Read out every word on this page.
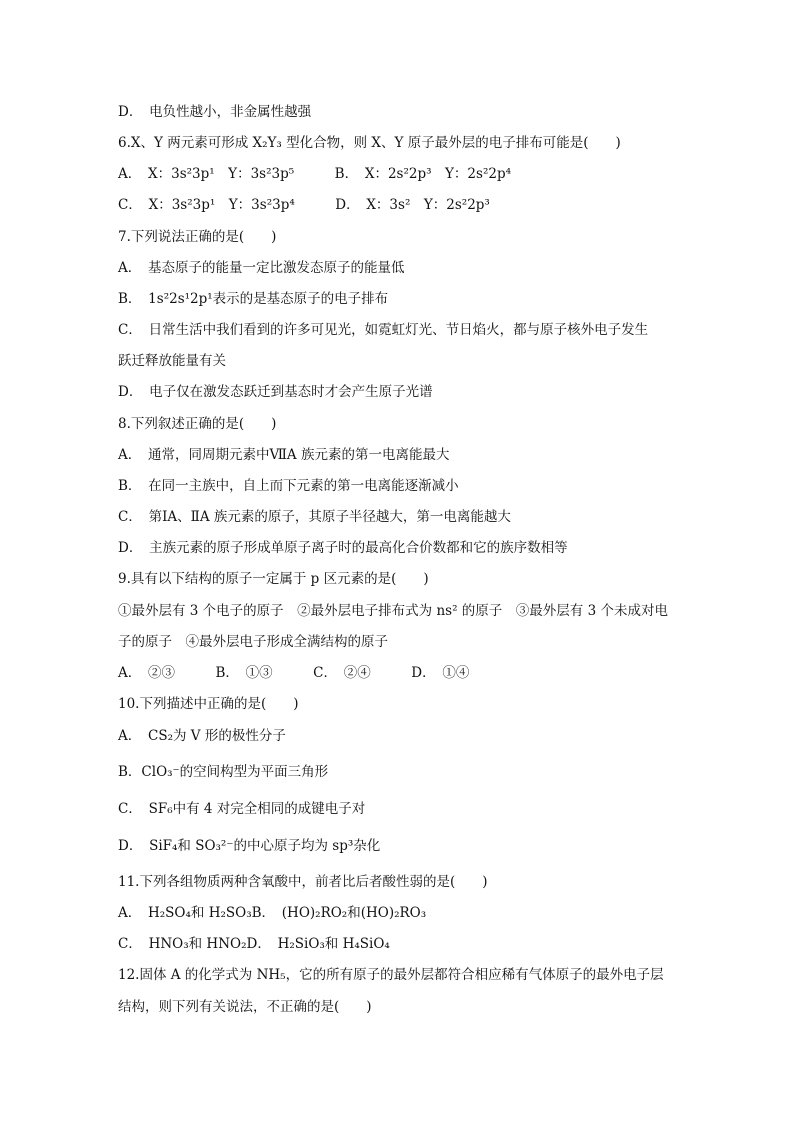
D．　电负性越小，非金属性越强
6.X、Y 两元素可形成 X₂Y₃ 型化合物，则 X、Y 原子最外层的电子排布可能是(　　)
A．　X：3s²3p¹　Y：3s²3p⁵　　　B．　X：2s²2p³　Y：2s²2p⁴
C．　X：3s²3p¹　Y：3s²3p⁴　　　D．　X：3s²　Y：2s²2p³
7.下列说法正确的是(　　)
A．　基态原子的能量一定比激发态原子的能量低
B．　1s²2s¹2p¹表示的是基态原子的电子排布
C．　日常生活中我们看到的许多可见光，如霓虹灯光、节日焰火，都与原子核外电子发生
跃迁释放能量有关
D．　电子仅在激发态跃迁到基态时才会产生原子光谱
8.下列叙述正确的是(　　)
A．　通常，同周期元素中ⅦA 族元素的第一电离能最大
B．　在同一主族中，自上而下元素的第一电离能逐渐减小
C．　第ⅠA、ⅡA 族元素的原子，其原子半径越大，第一电离能越大
D．　主族元素的原子形成单原子离子时的最高化合价数都和它的族序数相等
9.具有以下结构的原子一定属于 p 区元素的是(　　)
①最外层有 3 个电子的原子　②最外层电子排布式为 ns² 的原子　③最外层有 3 个未成对电
子的原子　④最外层电子形成全满结构的原子
A．　②③　　　B．　①③　　　C．　②④　　　D．　①④
10.下列描述中正确的是(　　)
A．　CS₂为 V 形的极性分子
B．ClO₃⁻的空间构型为平面三角形
C．　SF₆中有 4 对完全相同的成键电子对
D．　SiF₄和 SO₃²⁻的中心原子均为 sp³杂化
11.下列各组物质两种含氧酸中，前者比后者酸性弱的是(　　)
A．　H₂SO₄和 H₂SO₃B．　(HO)₂RO₂和(HO)₂RO₃
C．　HNO₃和 HNO₂D．　H₂SiO₃和 H₄SiO₄
12.固体 A 的化学式为 NH₅，它的所有原子的最外层都符合相应稀有气体原子的最外电子层
结构，则下列有关说法，不正确的是(　　)
